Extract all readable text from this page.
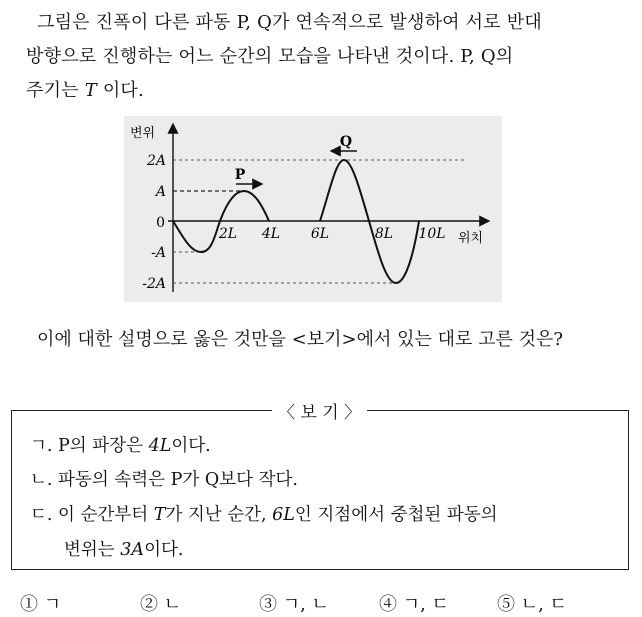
그림은 진폭이 다른 파동 P, Q가 연속적으로 발생하여 서로 반대
방향으로 진행하는 어느 순간의 모습을 나타낸 것이다. P, Q의
주기는 T 이다.
P
Q
변위
위치
2A
A
0
-A
-2A
2L 4L 6L	8L 10L
이에 대한 설명으로 옳은 것만을 <보기>에서 있는 대로 고른 것은?
〈 보 기 〉
ㄱ. P의 파장은 4L이다.
ㄴ. 파동의 속력은 P가 Q보다 작다.
ㄷ. 이 순간부터 T가 지난 순간, 6L인 지점에서 중첩된 파동의
변위는 3A이다.
① ㄱ	② ㄴ	③ ㄱ, ㄴ	④ ㄱ, ㄷ	⑤ ㄴ, ㄷ
